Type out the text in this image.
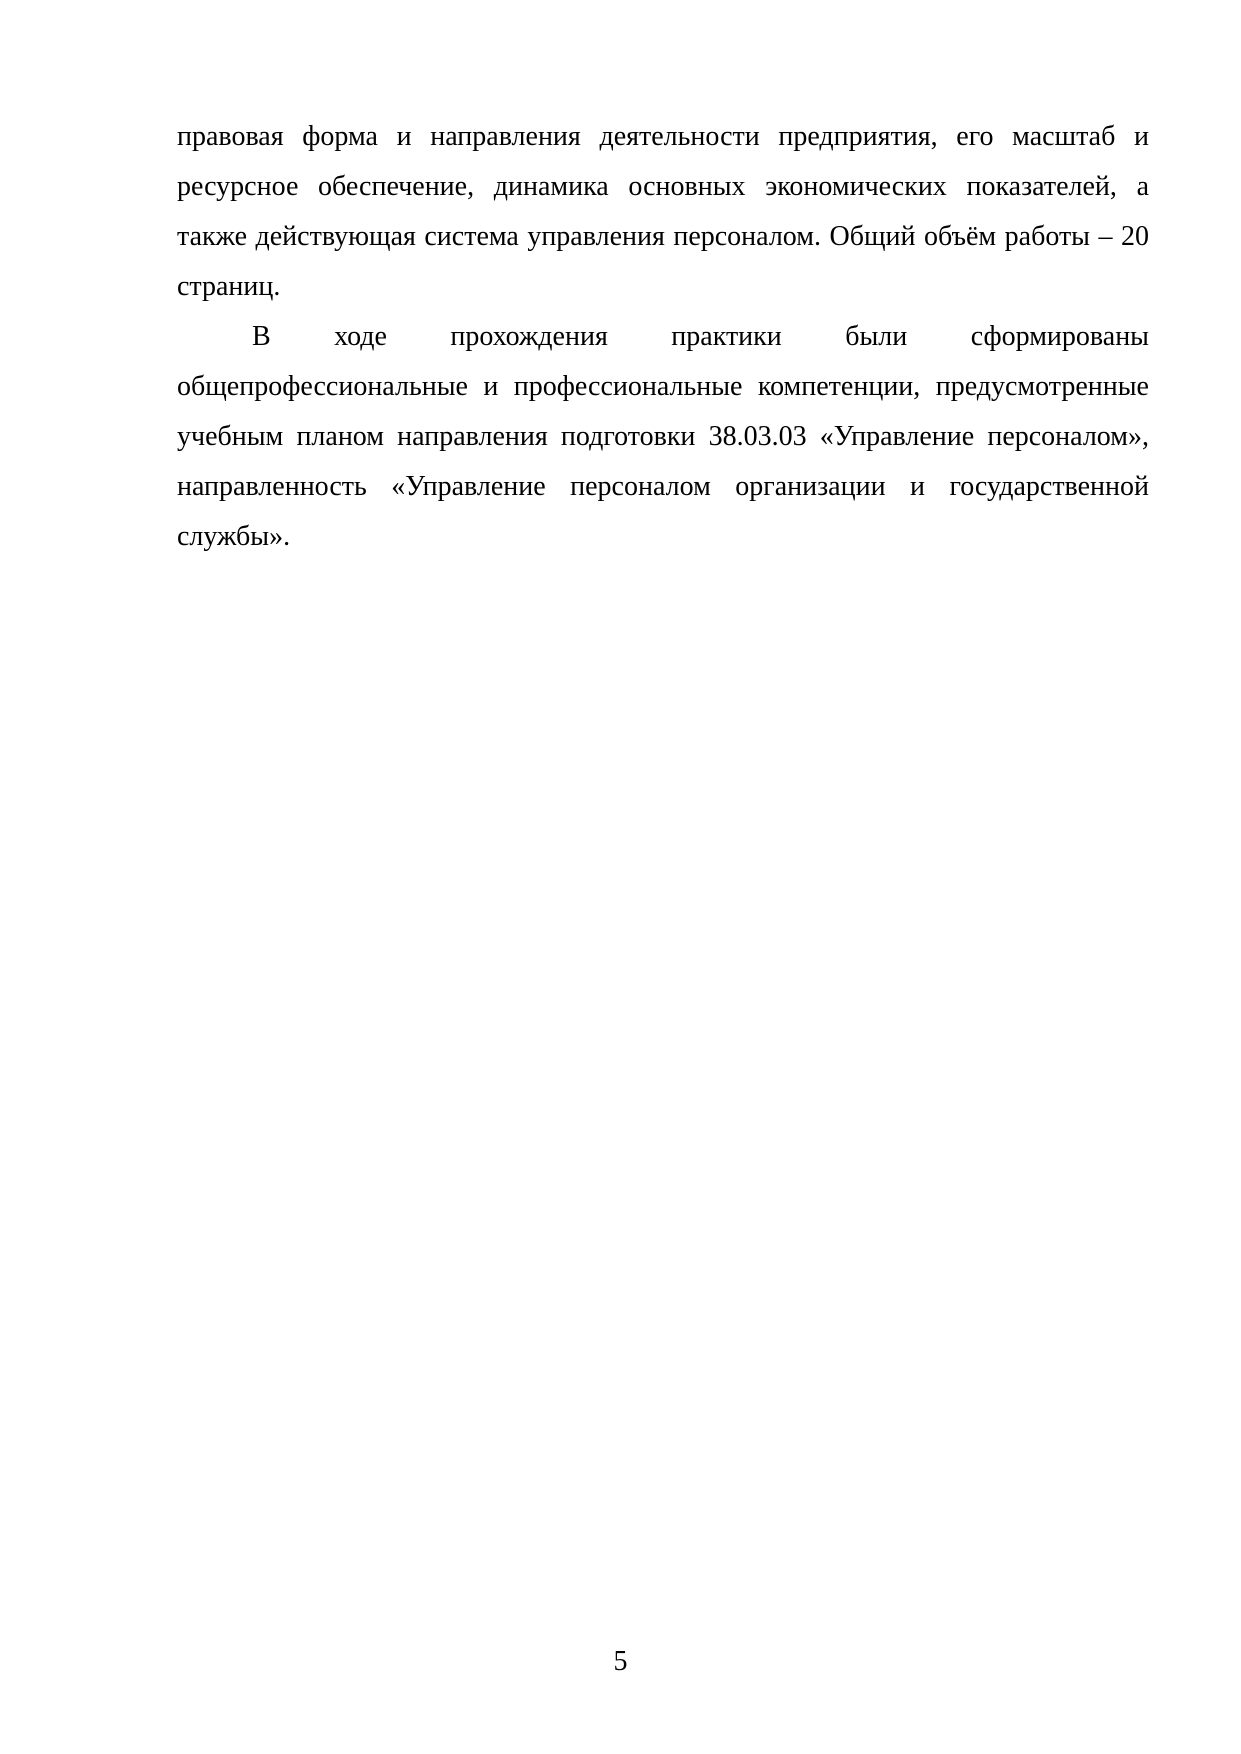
правовая форма и направления деятельности предприятия, его масштаб и ресурсное обеспечение, динамика основных экономических показателей, а также действующая система управления персоналом. Общий объём работы – 20 страниц.

В ходе прохождения практики были сформированы общепрофессиональные и профессиональные компетенции, предусмотренные учебным планом направления подготовки 38.03.03 «Управление персоналом», направленность «Управление персоналом организации и государственной службы».

5
